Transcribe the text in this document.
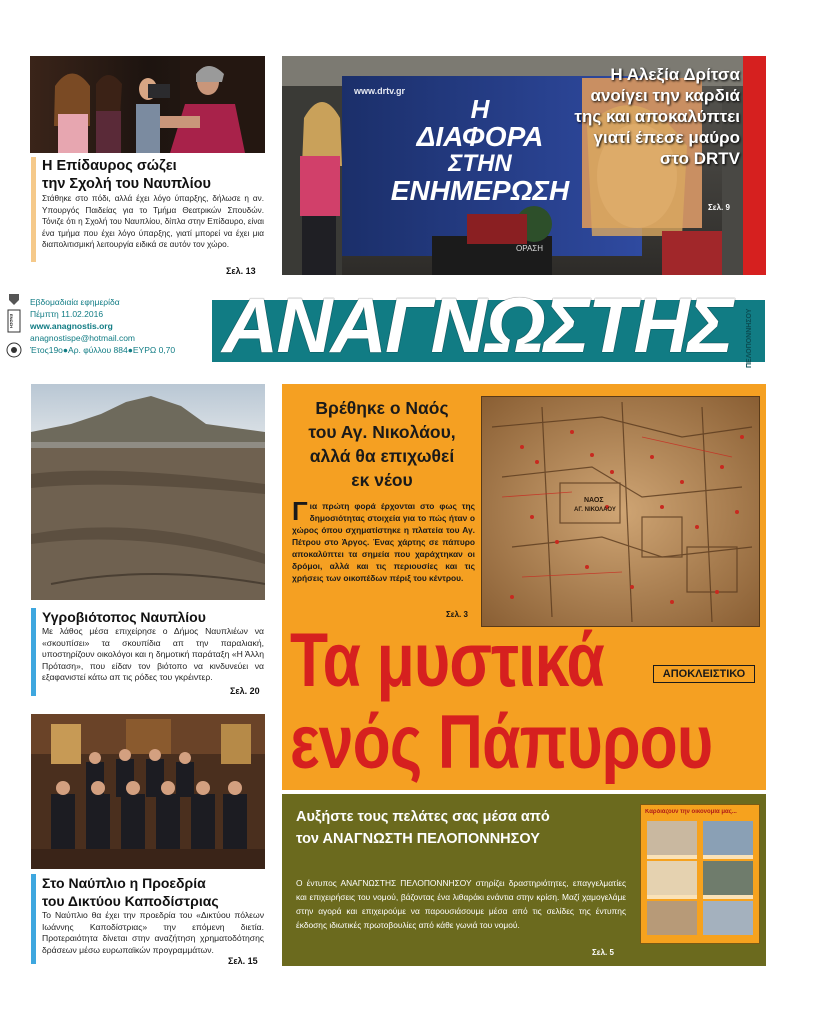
Η Επίδαυρος σώζει
την Σχολή του Ναυπλίου
Στάθηκε στο πόδι, αλλά έχει λόγο ύπαρξης, δήλωσε η αν. Υπουργός Παιδείας για το Τμήμα Θεατρικών Σπουδών. Τόνιζε ότι η Σχολή του Ναυπλίου, δίπλα στην Επίδαυρο, είναι ένα τμήμα που έχει λόγο ύπαρξης, γιατί μπορεί να έχει μια διαπολιτισμική λειτουργία ειδικά σε αυτόν τον χώρο.
Σελ. 13
www.drtv.gr
Η
ΔΙΑΦΟΡΑ
ΣΤΗΝ
ΕΝΗΜΕΡΩΣΗ
ΟΡΑΣΗ
Η Αλεξία Δρίτσα
ανοίγει την καρδιά
της και αποκαλύπτει
γιατί έπεσε μαύρο
στο DRTV
Σελ. 9
ΕΝΩΣΗ
Εβδομαδιαία εφημερίδα
Πέμπτη 11.02.2016
www.anagnostis.org
anagnostispe@hotmail.com
Έτος19ο●Αρ. φύλλου 884●ΕΥΡΩ 0,70 ΑΝΑΓΝΩΣΤΗΣ ΠΕΛΟΠΟΝΝΗΣΟΥ
Υγροβιότοπος Ναυπλίου
Με λάθος μέσα επιχείρησε ο Δήμος Ναυπλιέων να «σκουπίσει» τα σκουπίδια απ την παραλιακή, υποστηρίζουν οικολόγοι και η δημοτική παράταξη «Η Άλλη Πρόταση», που είδαν τον βιότοπο να κινδυνεύει να εξαφανιστεί κάτω απ τις ρόδες του γκρέιντερ.
Σελ. 20
Στο Ναύπλιο η Προεδρία
του Δικτύου Καποδίστριας
Το Ναύπλιο θα έχει την προεδρία του «Δικτύου πόλεων Ιωάννης Καποδίστριας» την επόμενη διετία. Προτεραιότητα δίνεται στην αναζήτηση χρηματοδότησης δράσεων μέσω ευρωπαϊκών προγραμμάτων.
Σελ. 15
Βρέθηκε ο Ναός
του Αγ. Νικολάου,
αλλά θα επιχωθεί
εκ νέου
Για πρώτη φορά έρχονται στο φως της δημοσιότητας στοιχεία για το πώς ήταν ο χώρος όπου σχηματίστηκε η πλατεία του Αγ. Πέτρου στο Άργος. Ένας χάρτης σε πάπυρο αποκαλύπτει τα σημεία που χαράχτηκαν οι δρόμοι, αλλά και τις περιουσίες και τις χρήσεις των οικοπέδων πέριξ του κέντρου.
Σελ. 3
ΝΑΟΣ
ΑΓ. ΝΙΚΟΛΑΟΥ
Τα μυστικά
ενός Πάπυρου
ΑΠΟΚΛΕΙΣΤΙΚΟ
Αυξήστε τους πελάτες σας μέσα από
τον ΑΝΑΓΝΩΣΤΗ ΠΕΛΟΠΟΝΝΗΣΟΥ
Ο έντυπος ΑΝΑΓΝΩΣΤΗΣ ΠΕΛΟΠΟΝΝΗΣΟΥ στηρίζει δραστηριότητες, επαγγελματίες και επιχειρήσεις του νομού, βάζοντας ένα λιθαράκι ενάντια στην κρίση. Μαζί χαμογελάμε στην αγορά και επιχειρούμε να παρουσιάσουμε μέσα από τις σελίδες της έντυπης έκδοσης ιδιωτικές πρωτοβουλίες από κάθε γωνιά του νομού.
Σελ. 5
Καρδιάζουν την οικονομία μας...
